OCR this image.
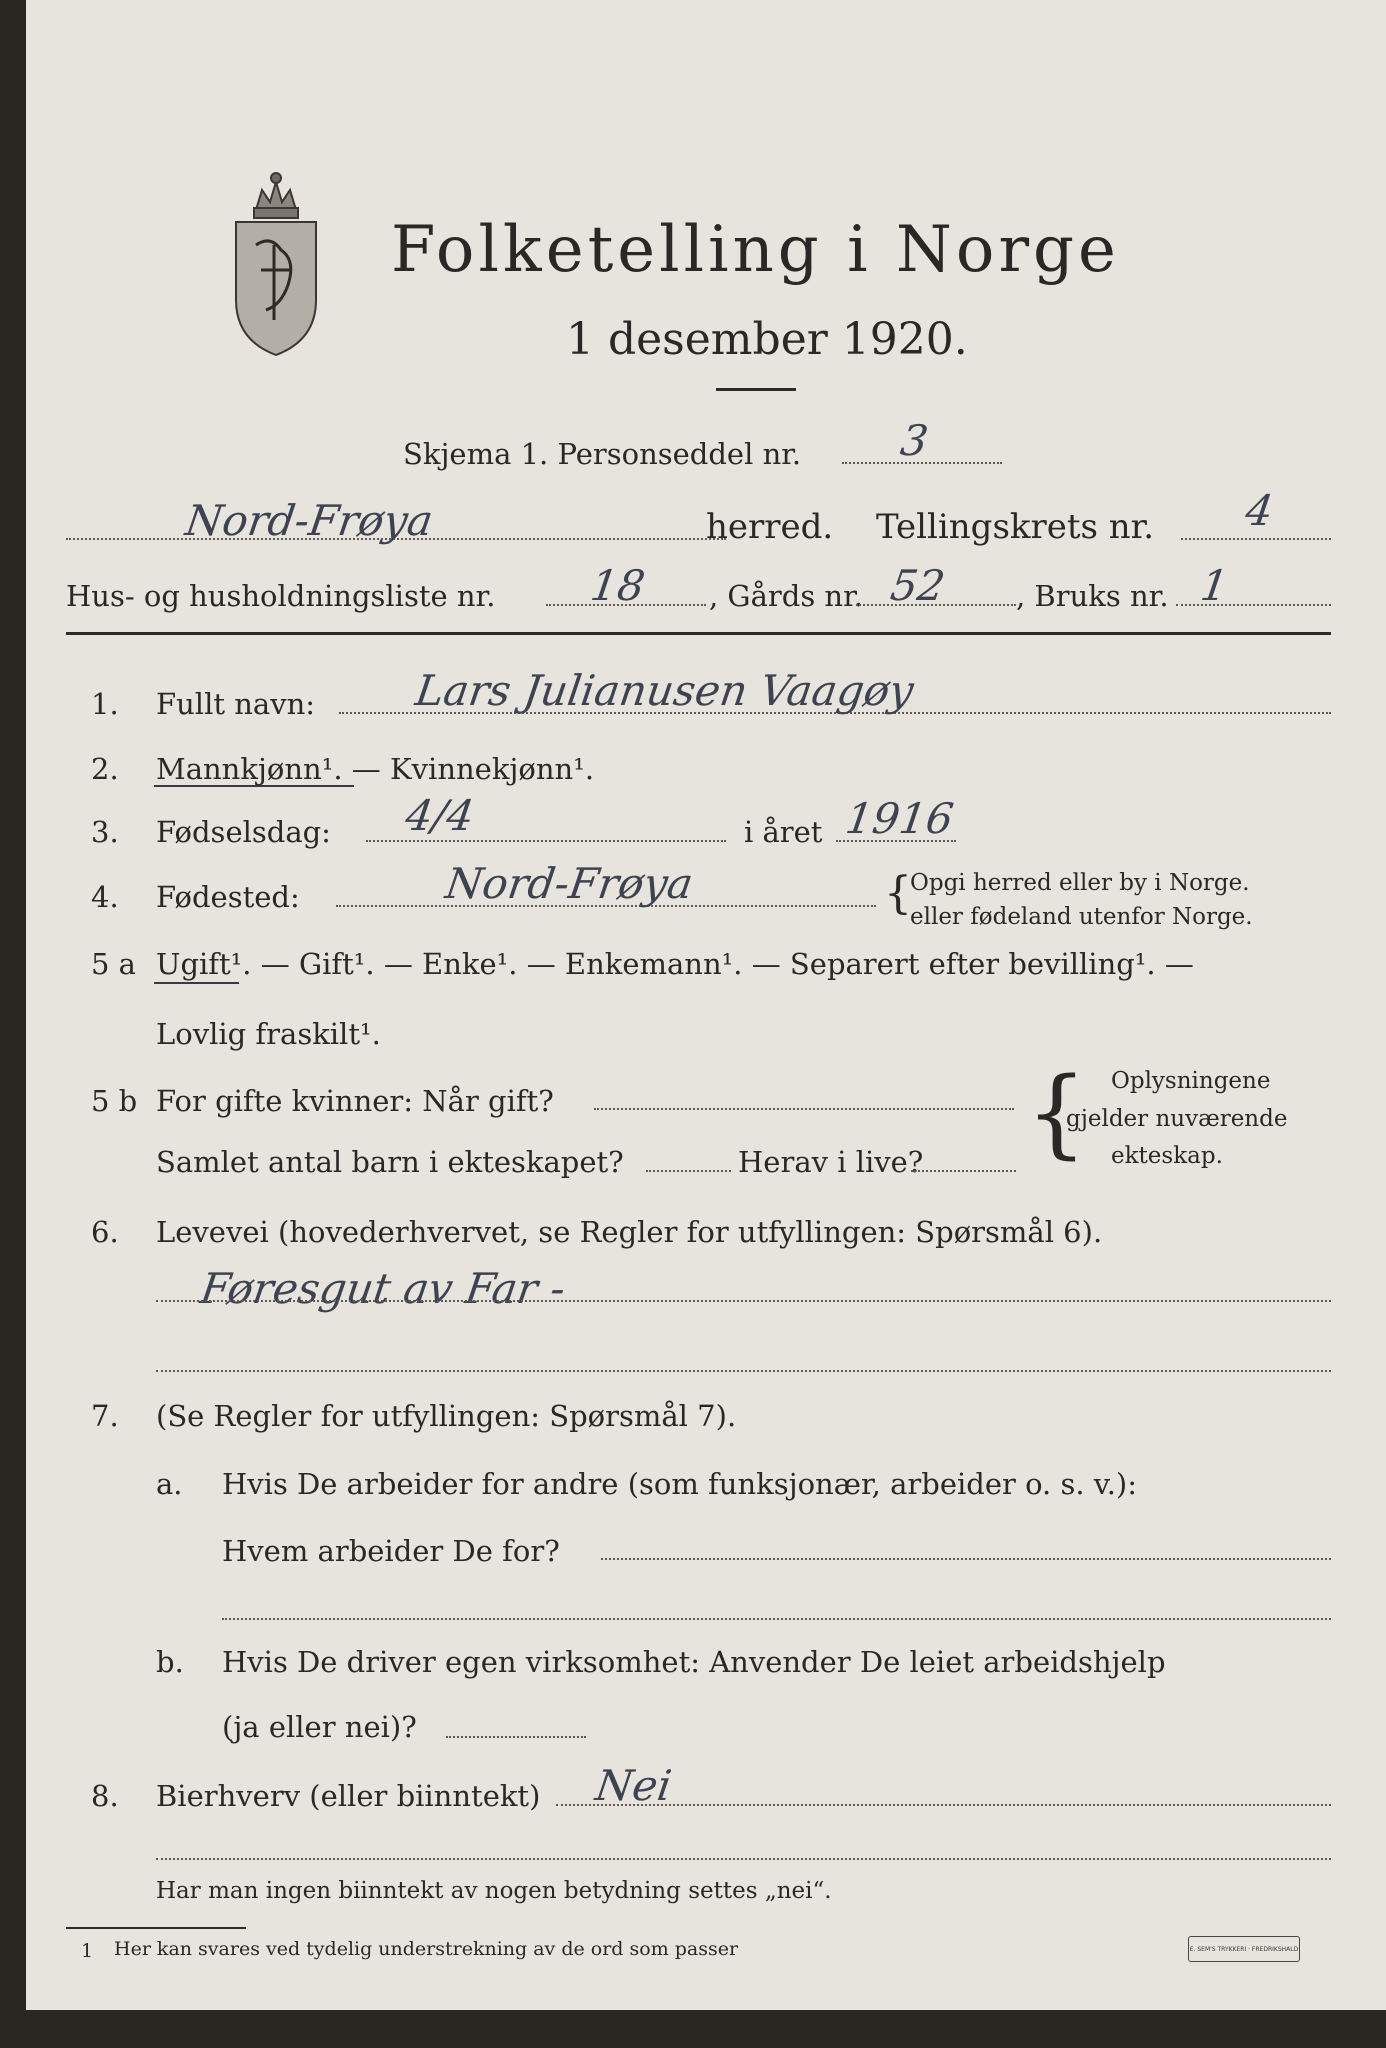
Folketelling i Norge
1 desember 1920.
Skjema 1. Personseddel nr. 3
Nord-Frøya	herred. Tellingskrets nr. 4
Hus- og husholdningsliste nr. 18 , Gårds nr. 52 , Bruks nr. 1
1. Fullt navn: Lars Julianusen Vaagøy
2. Mannkjønn¹. — Kvinnekjønn¹.
3. Fødselsdag: 4/4	i året 1916
4. Fødested:	Nord-Frøya	{
Opgi herred eller by i Norge.
eller fødeland utenfor Norge.
5 a Ugift¹. — Gift¹. — Enke¹. — Enkemann¹. — Separert efter bevilling¹. —
Lovlig fraskilt¹.
5 b For gifte kvinner: Når gift?
Samlet antal barn i ekteskapet?	Herav i live? { Oplysningene
gjelder nuværende
ekteskap.
6. Levevei (hovederhvervet, se Regler for utfyllingen: Spørsmål 6).
Føresgut av Far -
7. (Se Regler for utfyllingen: Spørsmål 7).
a. Hvis De arbeider for andre (som funksjonær, arbeider o. s. v.):
Hvem arbeider De for?
b. Hvis De driver egen virksomhet: Anvender De leiet arbeidshjelp
(ja eller nei)?
8. Bierhverv (eller biinntekt) Nei
Har man ingen biinntekt av nogen betydning settes „nei“.
1 Her kan svares ved tydelig understrekning av de ord som passer	E. SEM'S TRYKKERI · FREDRIKSHALD
